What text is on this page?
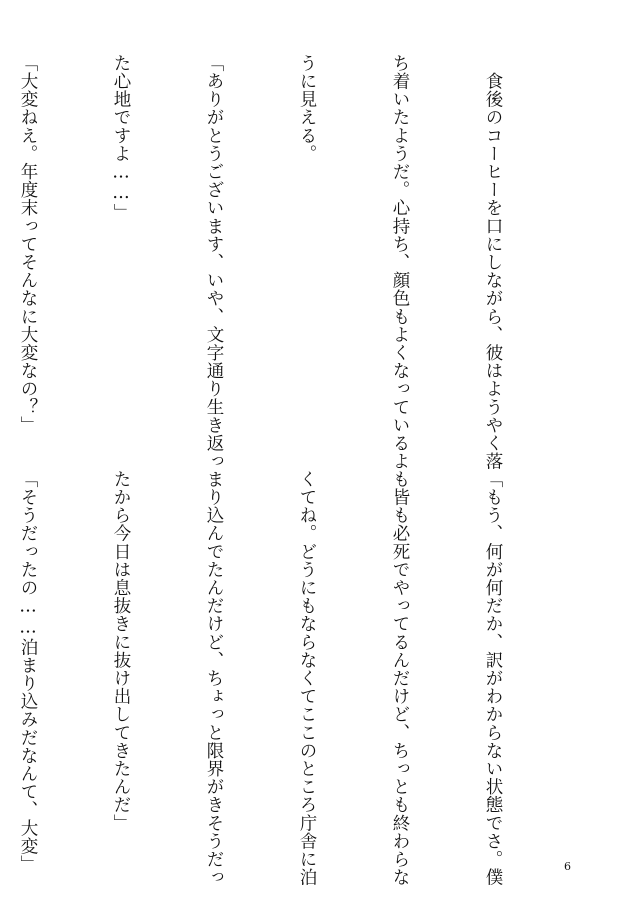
　食後のコーヒーを口にしながら、彼はようやく落

ち着いたようだ。心持ち、顔色もよくなっているよ

うに見える。

「ありがとうございます、いや、文字通り生き返っ

た心地ですよ……」

「大変ねえ。年度末ってそんなに大変なの？」

「もう、何が何だか、訳がわからない状態でさ。僕

も皆も必死でやってるんだけど、ちっとも終わらな

くてね。どうにもならなくてここのところ庁舎に泊

まり込んでたんだけど、ちょっと限界がきそうだっ

たから今日は息抜きに抜け出してきたんだ」

「そうだったの……泊まり込みだなんて、大変」

	6
